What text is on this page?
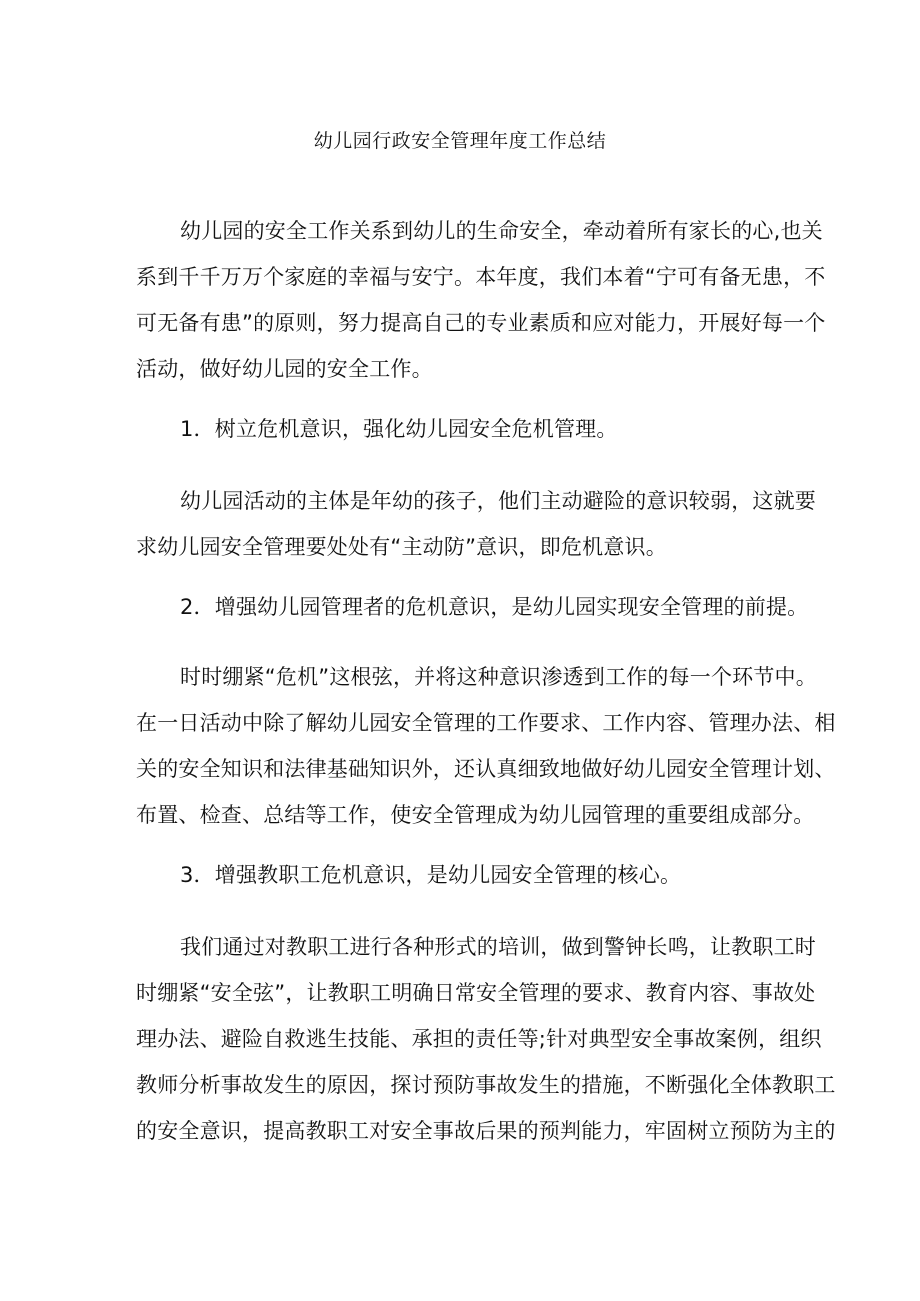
幼儿园行政安全管理年度工作总结
幼儿园的安全工作关系到幼儿的生命安全，牵动着所有家长的心,也关
系到千千万万个家庭的幸福与安宁。本年度，我们本着“宁可有备无患，不
可无备有患”的原则，努力提高自己的专业素质和应对能力，开展好每一个
活动，做好幼儿园的安全工作。
1．树立危机意识，强化幼儿园安全危机管理。
幼儿园活动的主体是年幼的孩子，他们主动避险的意识较弱，这就要
求幼儿园安全管理要处处有“主动防”意识，即危机意识。
2．增强幼儿园管理者的危机意识，是幼儿园实现安全管理的前提。
时时绷紧“危机”这根弦，并将这种意识渗透到工作的每一个环节中。
在一日活动中除了解幼儿园安全管理的工作要求、工作内容、管理办法、相
关的安全知识和法律基础知识外，还认真细致地做好幼儿园安全管理计划、
布置、检查、总结等工作，使安全管理成为幼儿园管理的重要组成部分。
3．增强教职工危机意识，是幼儿园安全管理的核心。
我们通过对教职工进行各种形式的培训，做到警钟长鸣，让教职工时
时绷紧“安全弦”，让教职工明确日常安全管理的要求、教育内容、事故处
理办法、避险自救逃生技能、承担的责任等;针对典型安全事故案例，组织
教师分析事故发生的原因，探讨预防事故发生的措施，不断强化全体教职工
的安全意识，提高教职工对安全事故后果的预判能力，牢固树立预防为主的
